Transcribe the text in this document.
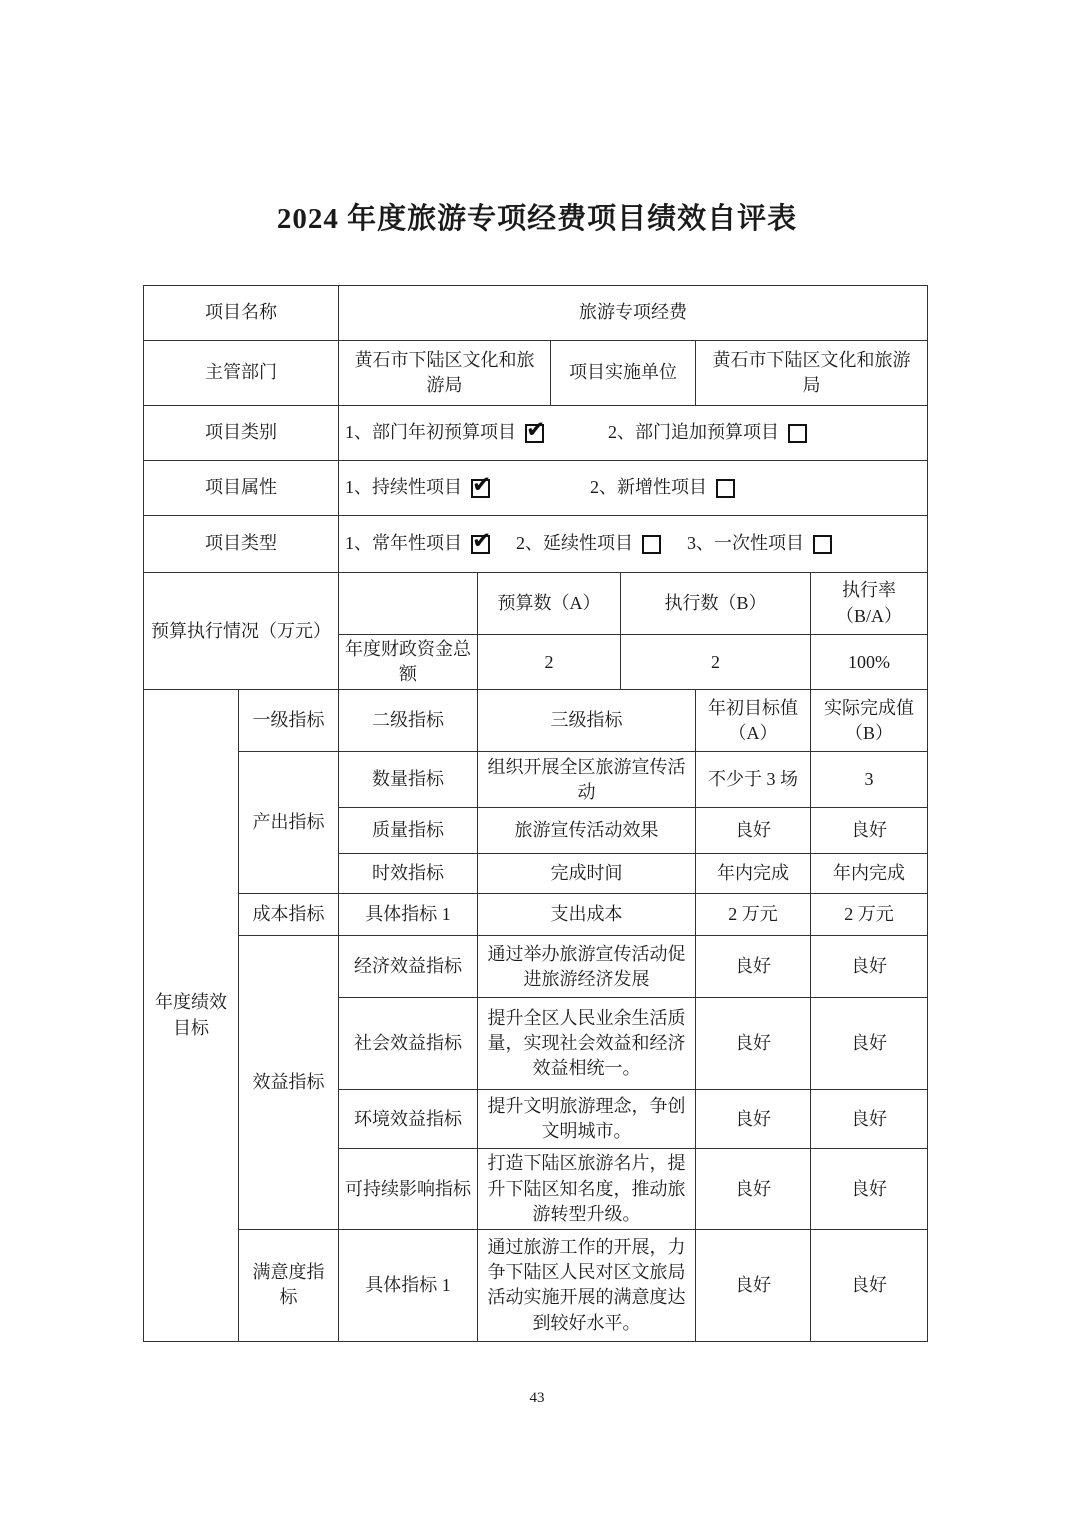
2024 年度旅游专项经费项目绩效自评表
项目名称		旅游专项经费					
主管部门		黄石市下陆区文化和旅游局		项目实施单位		黄石市下陆区文化和旅游局	
项目类别		1、部门年初预算项目 ✔ 2、部门追加预算项目

项目属性		1、持续性项目 ✔ 2、新增性项目

项目类型		1、常年性项目 ✔ 2、延续性项目 3、一次性项目

预算执行情况（万元）			预算数（A）		执行数（B）		执行率（B/A）
		年度财政资金总额	2		2		100%
年度绩效目标	一级指标	二级指标	三级指标			年初目标值（A）	实际完成值（B）
	产出指标	数量指标	组织开展全区旅游宣传活动			不少于 3 场	3
		质量指标	旅游宣传活动效果			良好	良好
		时效指标	完成时间			年内完成	年内完成
	成本指标	具体指标 1	支出成本			2 万元	2 万元
	效益指标	经济效益指标	通过举办旅游宣传活动促进旅游经济发展			良好	良好
		社会效益指标	提升全区人民业余生活质量，实现社会效益和经济效益相统一。			良好	良好
		环境效益指标	提升文明旅游理念，争创文明城市。			良好	良好
		可持续影响指标	打造下陆区旅游名片，提升下陆区知名度，推动旅游转型升级。			良好	良好
	满意度指标	具体指标 1	通过旅游工作的开展，力争下陆区人民对区文旅局活动实施开展的满意度达到较好水平。			良好	良好
43
